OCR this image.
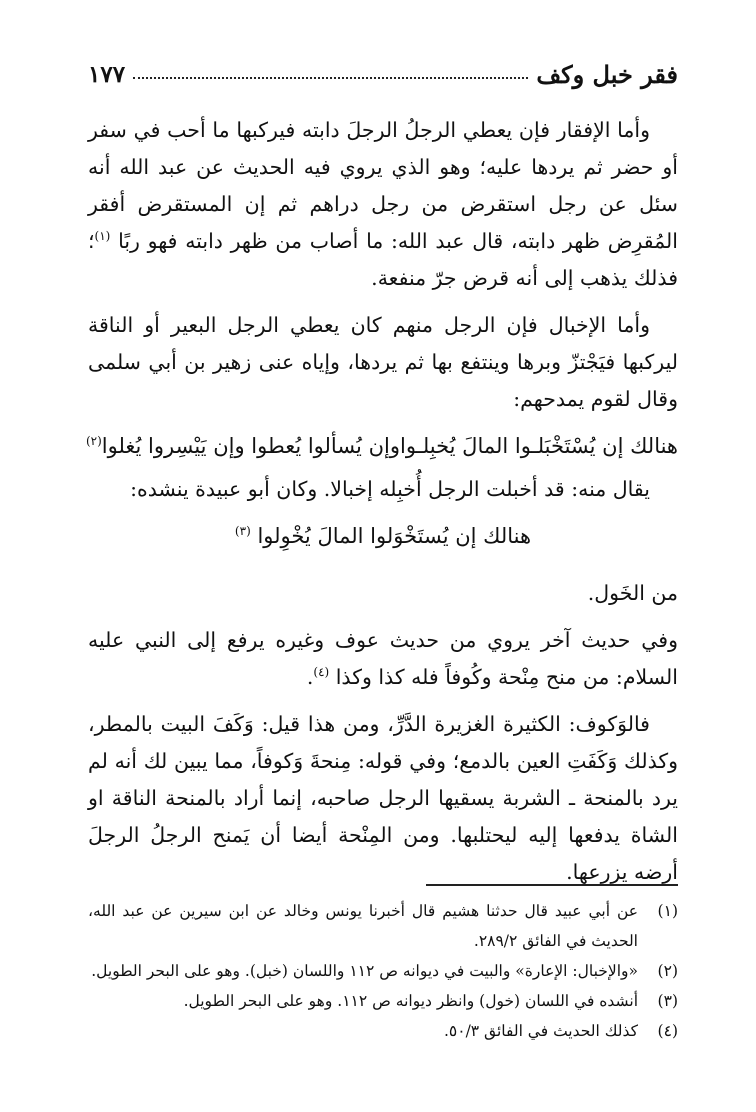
فقر خبل وكف
١٧٧

وأما الإفقار فإن يعطي الرجلُ الرجلَ دابته فيركبها ما أحب في سفر أو حضر ثم يردها عليه؛ وهو الذي يروي فيه الحديث عن عبد الله أنه سئل عن رجل استقرض من رجل دراهم ثم إن المستقرض أفقر المُقرِض ظهر دابته، قال عبد الله: ما أصاب من ظهر دابته فهو ربًا $^{(١)}$؛ فذلك يذهب إلى أنه قرض جرّ منفعة.

وأما الإخبال فإن الرجل منهم كان يعطي الرجل البعير أو الناقة ليركبها فيَجْتزّ وبرها وينتفع بها ثم يردها، وإياه عنى زهير بن أبي سلمى وقال لقوم يمدحهم:

هنالك إن يُسْتَخْبَلـوا المالَ يُخبِلـوا
وإن يُسألوا يُعطوا وإن يَيْسِروا يُغلوا$^{(٢)}$

يقال منه: قد أخبلت الرجل أُخبِله إخبالا. وكان أبو عبيدة ينشده:

هنالك إن يُستَخْوَلوا المالَ يُخْوِلوا $^{(٣)}$

من الخَول.

وفي حديث آخر يروي من حديث عوف وغيره يرفع إلى النبي عليه السلام: من منح مِنْحة وكُوفاً فله كذا وكذا $^{(٤)}$.

فالوَكوف: الكثيرة الغزيرة الدَّرِّ، ومن هذا قيل: وَكَفَ البيت بالمطر، وكذلك وَكَفَتِ العين بالدمع؛ وفي قوله: مِنحةَ وَكوفاً، مما يبين لك أنه لم يرد بالمنحة ـ الشربة يسقيها الرجل صاحبه، إنما أراد بالمنحة الناقة او الشاة يدفعها إليه ليحتلبها. ومن المِنْحة أيضا أن يَمنح الرجلُ الرجلَ أرضه يزرعها.

(١)
عن أبي عبيد قال حدثنا هشيم قال أخبرنا يونس وخالد عن ابن سيرين عن عبد الله، الحديث في الفائق ٢٨٩/٢.
(٢)
«والإخبال: الإعارة» والبيت في ديوانه ص ١١٢ واللسان (خبل). وهو على البحر الطويل.
(٣)
أنشده في اللسان (خول) وانظر ديوانه ص ١١٢. وهو على البحر الطويل.
(٤)
كذلك الحديث في الفائق ٥٠/٣.
